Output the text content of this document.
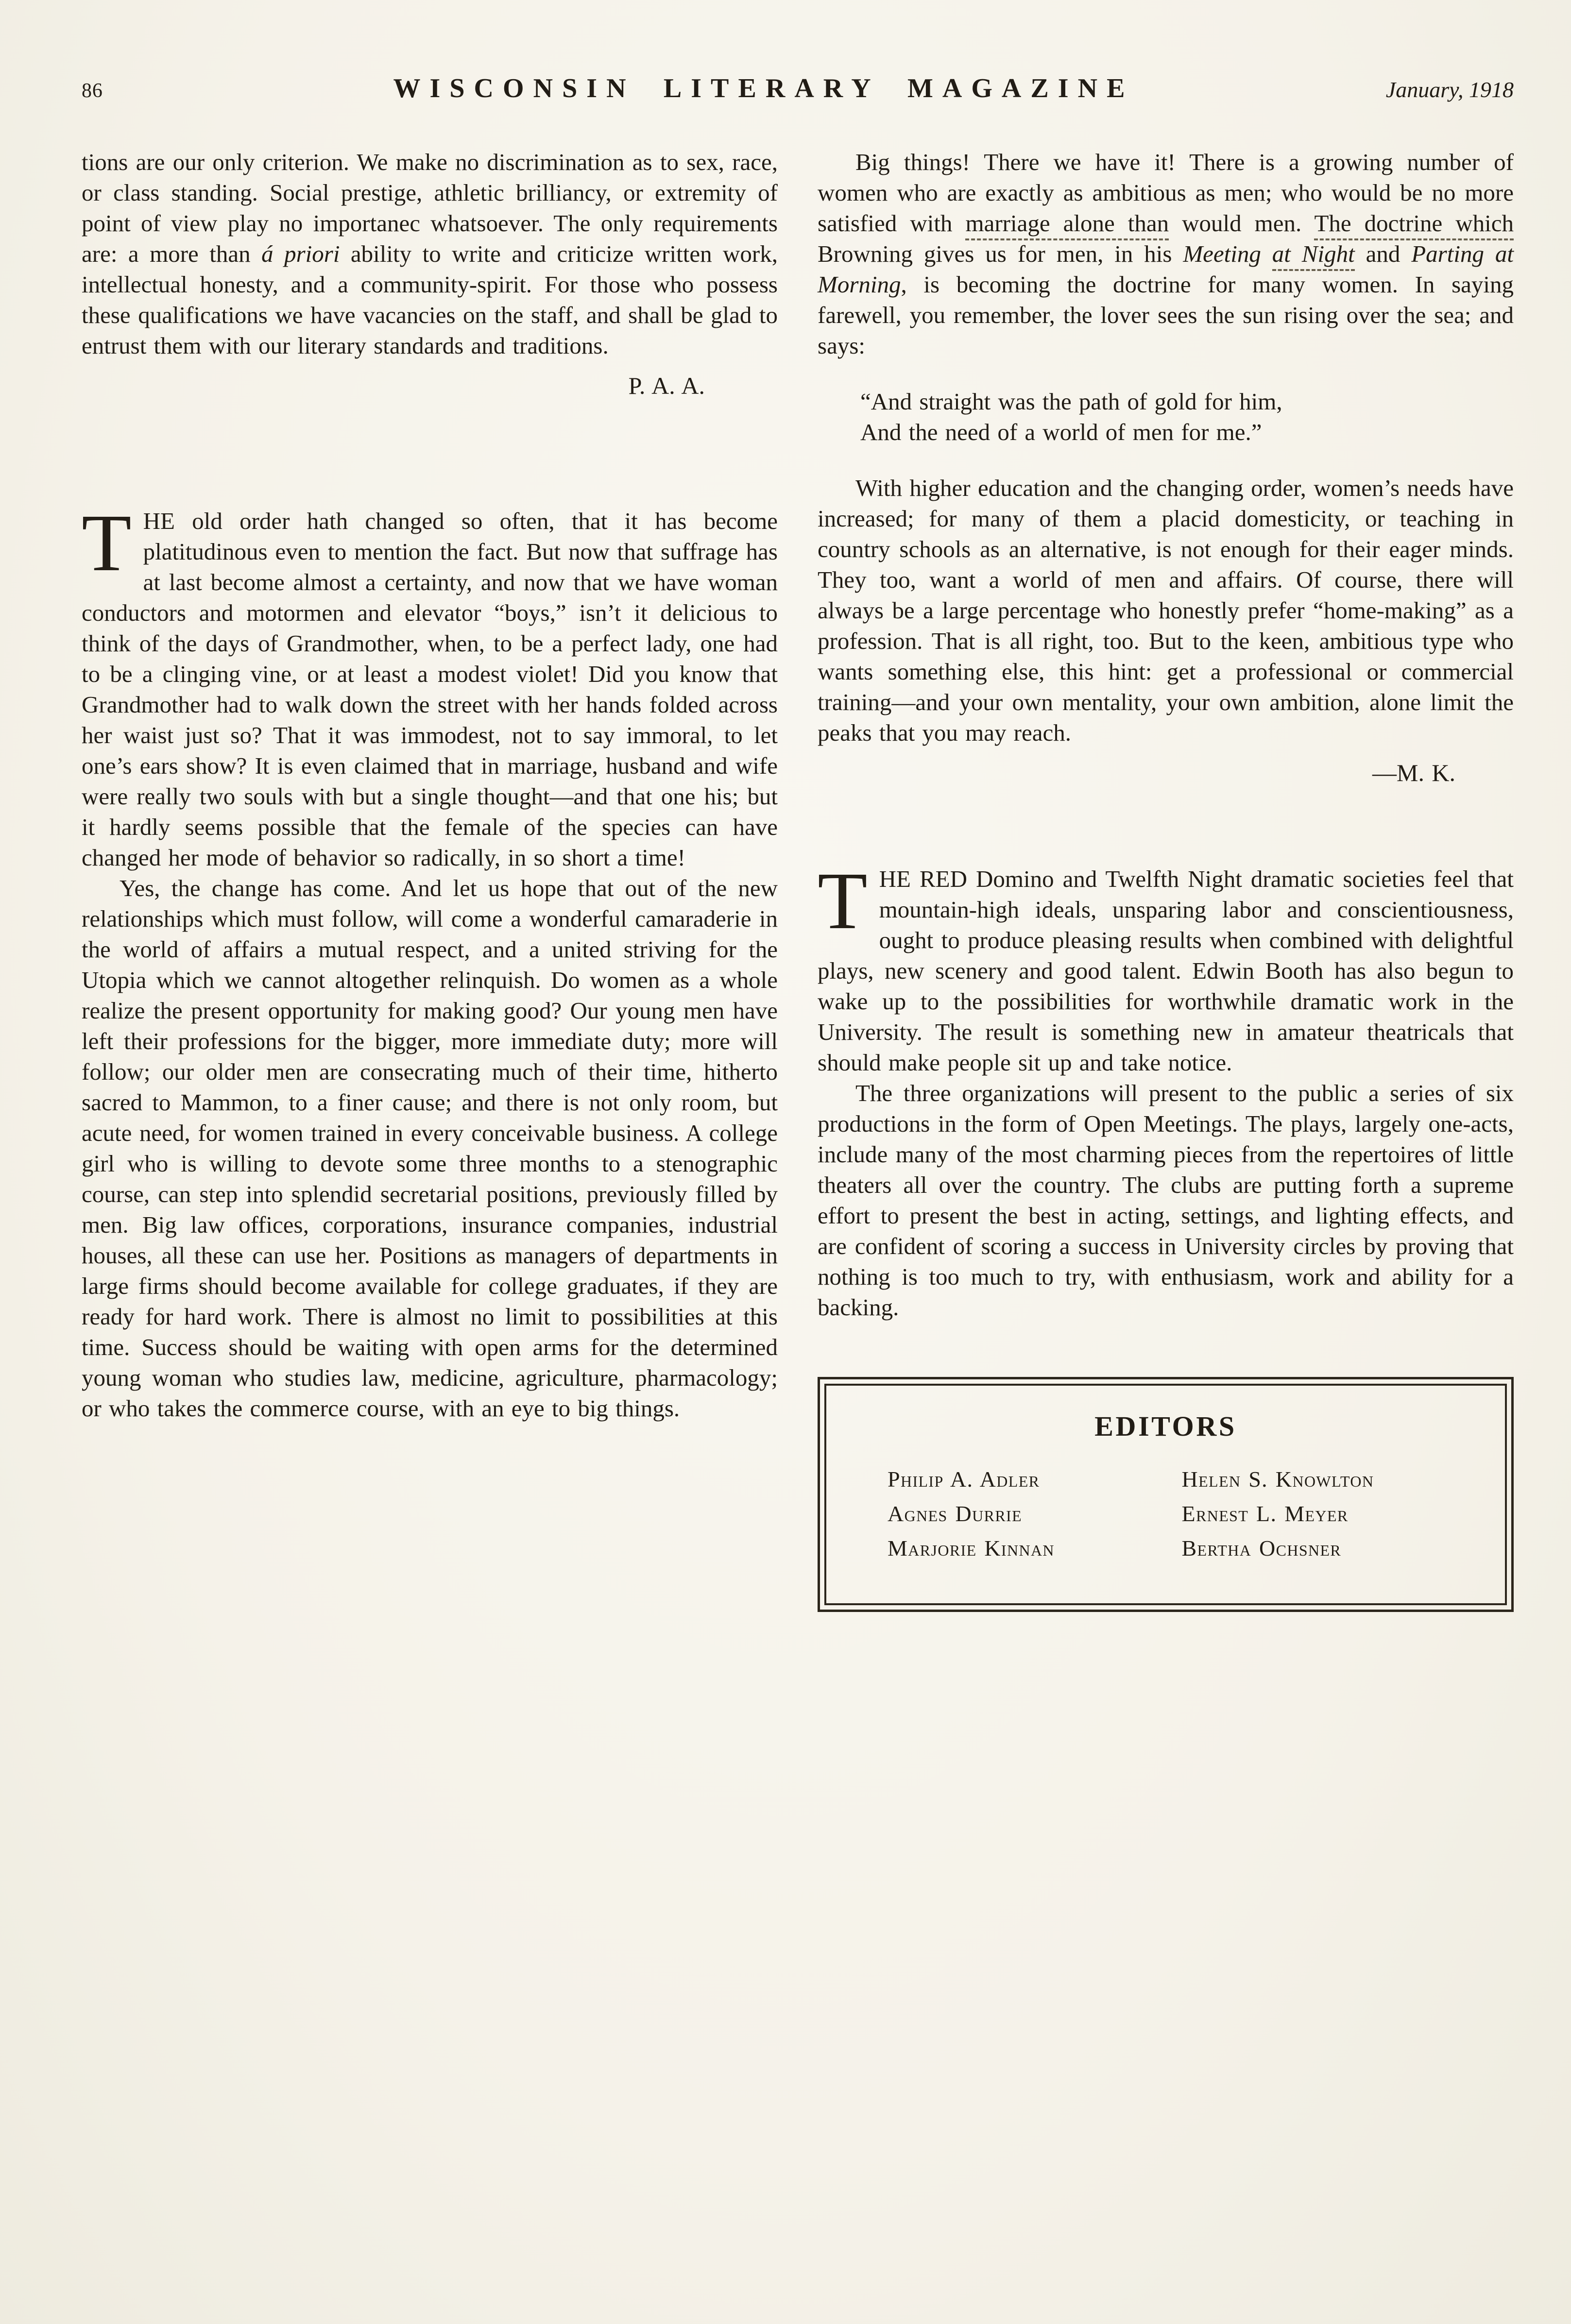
86	WISCONSIN LITERARY MAGAZINE	January, 1918

tions are our only criterion. We make no discrimination as to sex, race, or class standing. Social prestige, athletic brilliancy, or extremity of point of view play no importanec whatsoever. The only requirements are: a more than á priori ability to write and criticize written work, intellectual honesty, and a community-spirit. For those who possess these qualifications we have vacancies on the staff, and shall be glad to entrust them with our literary standards and traditions.

P. A. A.

THE old order hath changed so often, that it has become platitudinous even to mention the fact. But now that suffrage has at last become almost a certainty, and now that we have woman conductors and motormen and elevator “boys,” isn’t it delicious to think of the days of Grandmother, when, to be a perfect lady, one had to be a clinging vine, or at least a modest violet! Did you know that Grandmother had to walk down the street with her hands folded across her waist just so? That it was immodest, not to say immoral, to let one’s ears show? It is even claimed that in marriage, husband and wife were really two souls with but a single thought—and that one his; but it hardly seems possible that the female of the species can have changed her mode of behavior so radically, in so short a time!

Yes, the change has come. And let us hope that out of the new relationships which must follow, will come a wonderful camaraderie in the world of affairs a mutual respect, and a united striving for the Utopia which we cannot altogether relinquish. Do women as a whole realize the present opportunity for making good? Our young men have left their professions for the bigger, more immediate duty; more will follow; our older men are consecrating much of their time, hitherto sacred to Mammon, to a finer cause; and there is not only room, but acute need, for women trained in every conceivable business. A college girl who is willing to devote some three months to a stenographic course, can step into splendid secretarial positions, previously filled by men. Big law offices, corporations, insurance companies, industrial houses, all these can use her. Positions as managers of departments in large firms should become available for college graduates, if they are ready for hard work. There is almost no limit to possibilities at this time. Success should be waiting with open arms for the determined young woman who studies law, medicine, agriculture, pharmacology; or who takes the commerce course, with an eye to big things.

Big things! There we have it! There is a growing number of women who are exactly as ambitious as men; who would be no more satisfied with marriage alone than would men. The doctrine which Browning gives us for men, in his Meeting at Night and Parting at Morning, is becoming the doctrine for many women. In saying farewell, you remember, the lover sees the sun rising over the sea; and says:

“And straight was the path of gold for him,
And the need of a world of men for me.”

With higher education and the changing order, women’s needs have increased; for many of them a placid domesticity, or teaching in country schools as an alternative, is not enough for their eager minds. They too, want a world of men and affairs. Of course, there will always be a large percentage who honestly prefer “home-making” as a profession. That is all right, too. But to the keen, ambitious type who wants something else, this hint: get a professional or commercial training—and your own mentality, your own ambition, alone limit the peaks that you may reach.

—M. K.

THE RED Domino and Twelfth Night dramatic societies feel that mountain-high ideals, unsparing labor and conscientiousness, ought to produce pleasing results when combined with delightful plays, new scenery and good talent. Edwin Booth has also begun to wake up to the possibilities for worthwhile dramatic work in the University. The result is something new in amateur theatricals that should make people sit up and take notice.

The three organizations will present to the public a series of six productions in the form of Open Meetings. The plays, largely one-acts, include many of the most charming pieces from the repertoires of little theaters all over the country. The clubs are putting forth a supreme effort to present the best in acting, settings, and lighting effects, and are confident of scoring a success in University circles by proving that nothing is too much to try, with enthusiasm, work and ability for a backing.

EDITORS
Philip A. Adler
Agnes Durrie
Marjorie Kinnan
Helen S. Knowlton
Ernest L. Meyer
Bertha Ochsner
